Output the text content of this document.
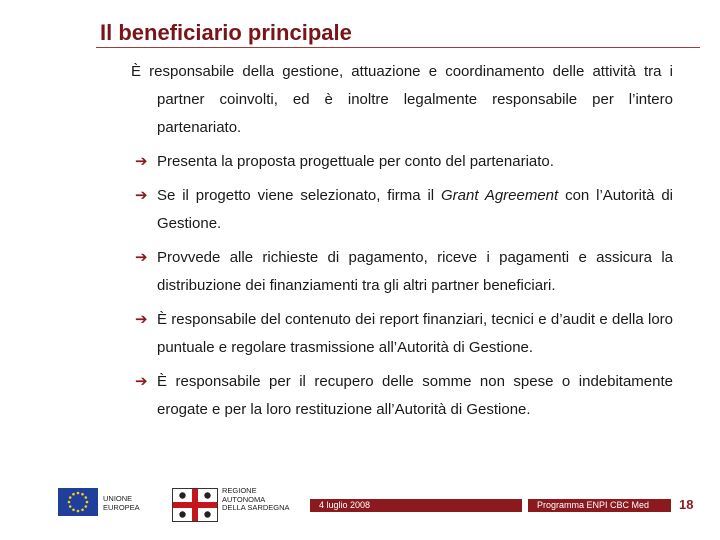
Il beneficiario principale

È responsabile della gestione, attuazione e coordinamento delle attività tra i partner coinvolti, ed è inoltre legalmente responsabile per l’intero partenariato.

➔ Presenta la proposta progettuale per conto del partenariato.
➔ Se il progetto viene selezionato, firma il Grant Agreement con l’Autorità di Gestione.
➔ Provvede alle richieste di pagamento, riceve i pagamenti e assicura la distribuzione dei finanziamenti tra gli altri partner beneficiari.
➔ È responsabile del contenuto dei report finanziari, tecnici e d’audit e della loro puntuale e regolare trasmissione all’Autorità di Gestione.
➔ È responsabile per il recupero delle somme non spese o indebitamente erogate e per la loro restituzione all’Autorità di Gestione.
UNIONE
EUROPEA
REGIONE
AUTONOMA
DELLA SARDEGNA	4 luglio 2008	Programma ENPI CBC Med	18
